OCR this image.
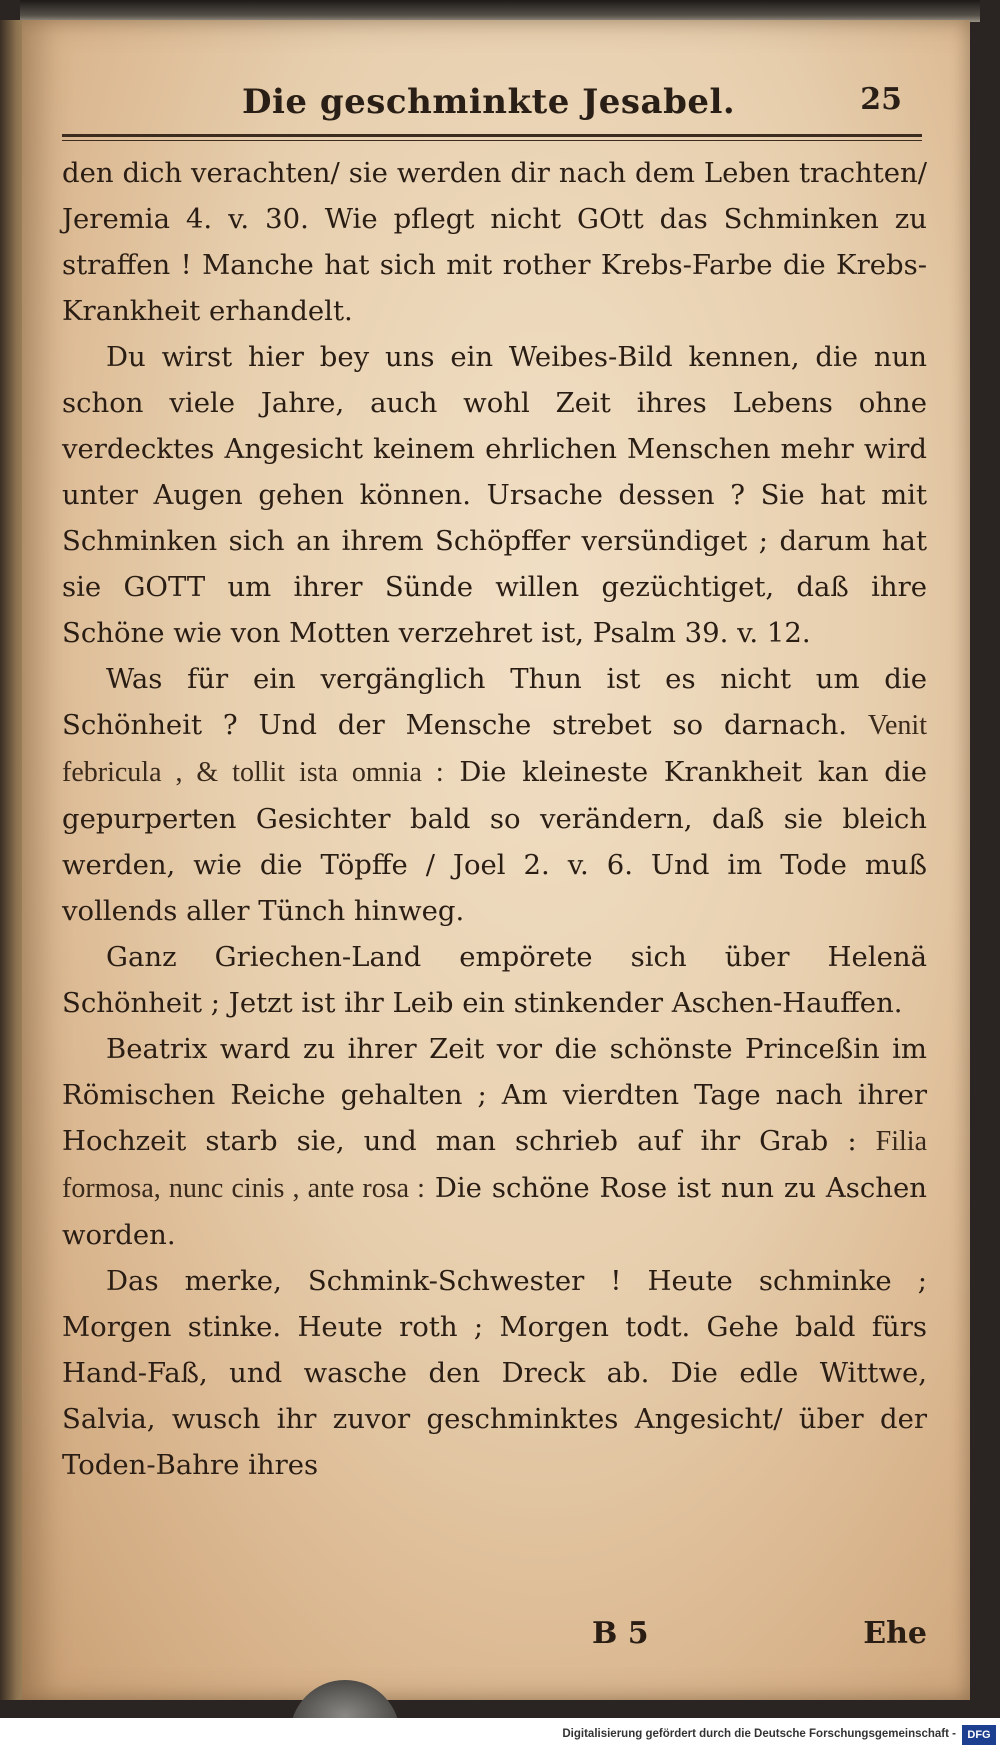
Die geschminkte Jesabel.	25

den dich verachten/ sie werden dir nach dem Leben trachten/ Jeremia 4. v. 30. Wie pflegt nicht GOtt das Schminken zu straffen ! Manche hat sich mit rother Krebs-Farbe die Krebs-Krankheit erhandelt.

Du wirst hier bey uns ein Weibes-Bild kennen, die nun schon viele Jahre, auch wohl Zeit ihres Lebens ohne verdecktes Angesicht keinem ehrlichen Menschen mehr wird unter Augen gehen können. Ursache dessen ? Sie hat mit Schminken sich an ihrem Schöpffer versündiget ; darum hat sie GOTT um ihrer Sünde willen gezüchtiget, daß ihre Schöne wie von Motten verzehret ist, Psalm 39. v. 12.

Was für ein vergänglich Thun ist es nicht um die Schönheit ? Und der Mensche strebet so darnach. Venit febricula , & tollit ista omnia : Die kleineste Krankheit kan die gepurperten Gesichter bald so verändern, daß sie bleich werden, wie die Töpffe / Joel 2. v. 6. Und im Tode muß vollends aller Tünch hinweg.

Ganz Griechen-Land empörete sich über Helenä Schönheit ; Jetzt ist ihr Leib ein stinkender Aschen-Hauffen.

Beatrix ward zu ihrer Zeit vor die schönste Princeßin im Römischen Reiche gehalten ; Am vierdten Tage nach ihrer Hochzeit starb sie, und man schrieb auf ihr Grab : Filia formosa, nunc cinis , ante rosa : Die schöne Rose ist nun zu Aschen worden.

Das merke, Schmink-Schwester ! Heute schminke ; Morgen stinke. Heute roth ; Morgen todt. Gehe bald fürs Hand-Faß, und wasche den Dreck ab. Die edle Wittwe, Salvia, wusch ihr zuvor geschminktes Angesicht/ über der Toden-Bahre ihres

B 5	Ehe
Digitalisierung gefördert durch die Deutsche Forschungsgemeinschaft -	DFG
